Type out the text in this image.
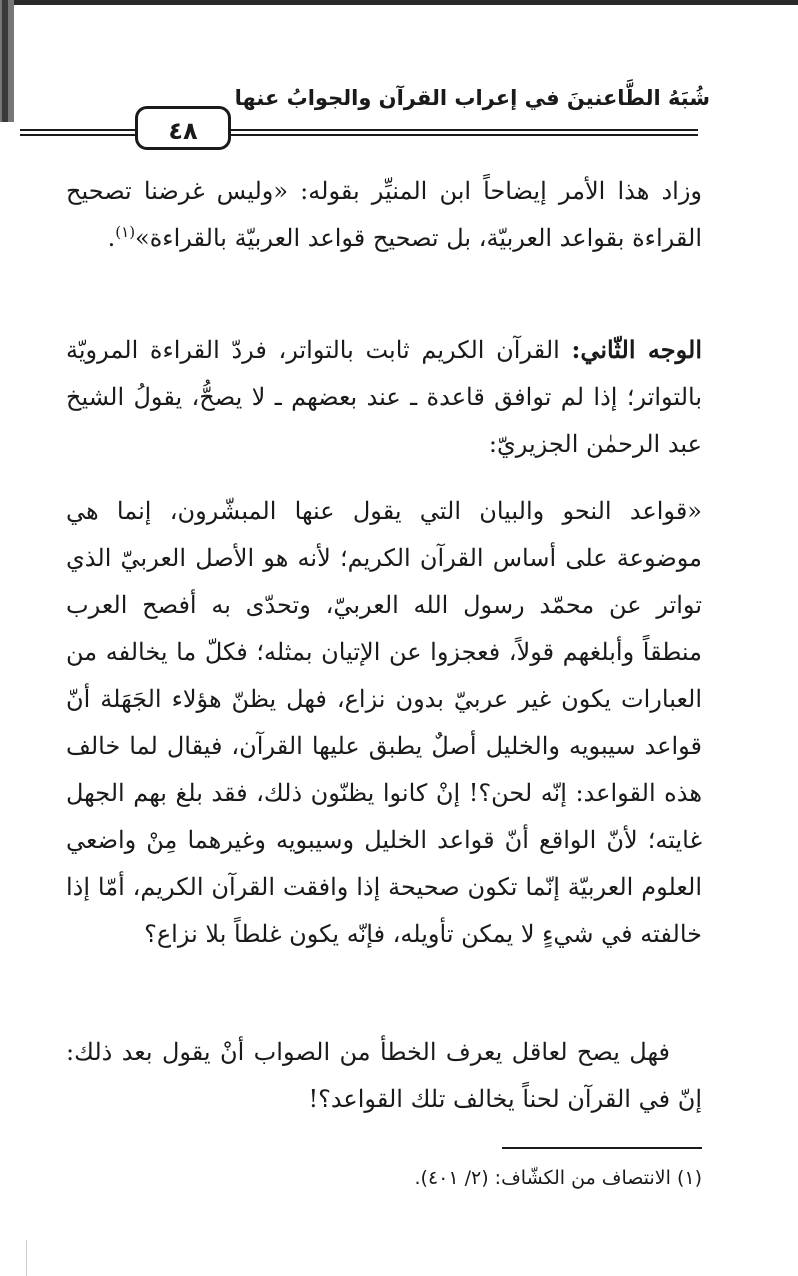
شُبَهُ الطَّاعنينَ في إعراب القرآن والجوابُ عنها
٤٨
وزاد هذا الأمر إيضاحاً ابن المنيِّر بقوله: «وليس غرضنا تصحيح القراءة بقواعد العربيّة، بل تصحيح قواعد العربيّة بالقراءة»$^{(١)}$.
الوجه الثّاني: القرآن الكريم ثابت بالتواتر، فردّ القراءة المرويّة بالتواتر؛ إذا لم توافق قاعدة ـ عند بعضهم ـ لا يصحُّ، يقولُ الشيخ عبد الرحمٰن الجزيريّ:
«قواعد النحو والبيان التي يقول عنها المبشّرون، إنما هي موضوعة على أساس القرآن الكريم؛ لأنه هو الأصل العربيّ الذي تواتر عن محمّد رسول الله العربيّ، وتحدّى به أفصح العرب منطقاً وأبلغهم قولاً، فعجزوا عن الإتيان بمثله؛ فكلّ ما يخالفه من العبارات يكون غير عربيّ بدون نزاع، فهل يظنّ هؤلاء الجَهَلة أنّ قواعد سيبويه والخليل أصلٌ يطبق عليها القرآن، فيقال لما خالف هذه القواعد: إنّه لحن؟! إنْ كانوا يظنّون ذلك، فقد بلغ بهم الجهل غايته؛ لأنّ الواقع أنّ قواعد الخليل وسيبويه وغيرهما مِنْ واضعي العلوم العربيّة إنّما تكون صحيحة إذا وافقت القرآن الكريم، أمّا إذا خالفته في شيءٍ لا يمكن تأويله، فإنّه يكون غلطاً بلا نزاع؟
فهل يصح لعاقل يعرف الخطأ من الصواب أنْ يقول بعد ذلك: إنّ في القرآن لحناً يخالف تلك القواعد؟!
(١) الانتصاف من الكشّاف: (٢/ ٤٠١).
